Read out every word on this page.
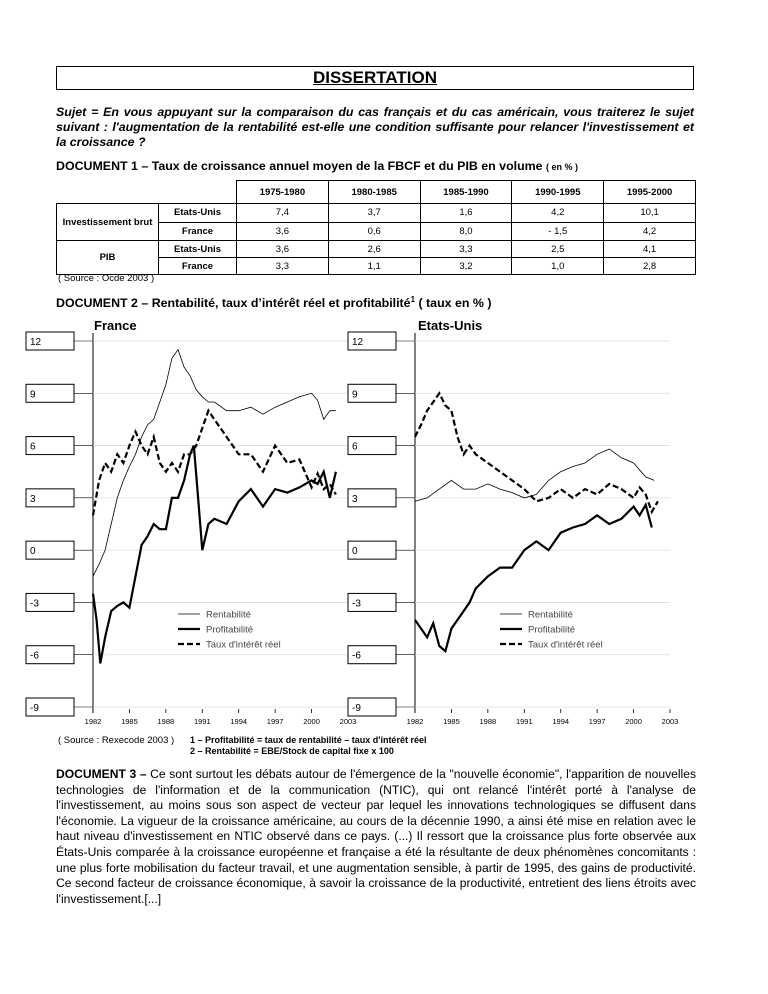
DISSERTATION
Sujet = En vous appuyant sur la comparaison du cas français et du cas américain, vous traiterez le sujet suivant : l'augmentation de la rentabilité est-elle une condition suffisante pour relancer l'investissement et la croissance ?
DOCUMENT 1 – Taux de croissance annuel moyen de la FBCF et du PIB en volume ( en % )
		1975-1980	1980-1985	1985-1990	1990-1995	1995-2000
Investissement brut	Etats-Unis	7,4	3,7	1,6	4,2	10,1
	France	3,6	0,6	8,0	- 1,5	4,2
PIB	Etats-Unis	3,6	2,6	3,3	2,5	4,1
	France	3,3	1,1	3,2	1,0	2,8
( Source : Ocde 2003 )
DOCUMENT 2 – Rentabilité, taux d’intérêt réel et profitabilité$^1$ ( taux en % )
France
12
9
6
3
0
-3
-6
-9
1982	1985	1988	1991	1994	1997	2000	2003
Rentabilité
Profitabilité
Taux d'intérêt réel
Etats-Unis
12
9
6
3
0
-3
-6
-9
1982	1985	1988	1991	1994	1997	2000	2003
Rentabilité
Profitabilité
Taux d'intérêt réel
( Source : Rexecode 2003 ) 1 – Profitabilité = taux de rentabilité – taux d'intérêt réel
2 – Rentabilité = EBE/Stock de capital fixe x 100
DOCUMENT 3 – Ce sont surtout les débats autour de l'émergence de la "nouvelle économie", l'apparition de nouvelles technologies de l'information et de la communication (NTIC), qui ont relancé l'intérêt porté à l'analyse de l'investissement, au moins sous son aspect de vecteur par lequel les innovations technologiques se diffusent dans l'économie. La vigueur de la croissance américaine, au cours de la décennie 1990, a ainsi été mise en relation avec le haut niveau d'investissement en NTIC observé dans ce pays. (...) Il ressort que la croissance plus forte observée aux États-Unis comparée à la croissance européenne et française a été la résultante de deux phénomènes concomitants : une plus forte mobilisation du facteur travail, et une augmentation sensible, à partir de 1995, des gains de productivité. Ce second facteur de croissance économique, à savoir la croissance de la productivité, entretient des liens étroits avec l'investissement.[...]
